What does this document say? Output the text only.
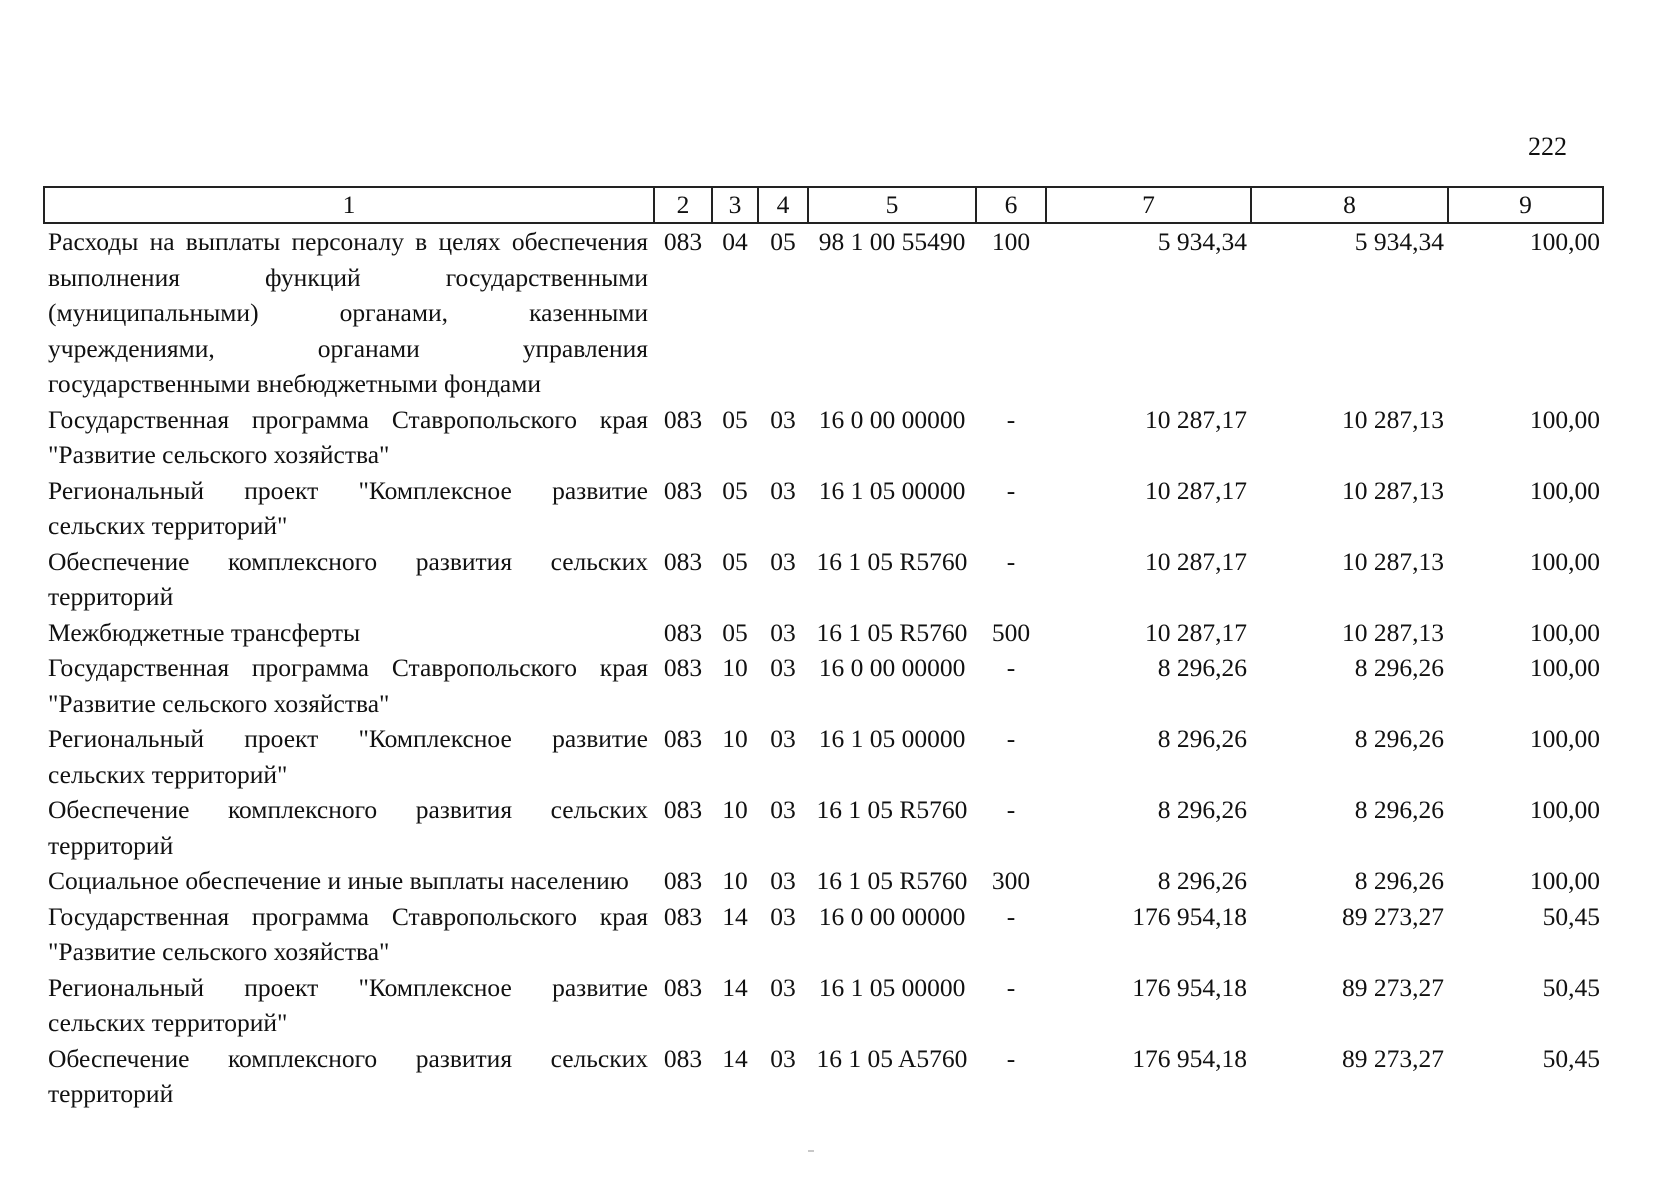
222
1	2	3	4	5	6	7	8	9
Расходы на выплаты персоналу в целях обеспечения выполнения функций государственными (муниципальными) органами, казенными учреждениями, органами управления государственными внебюджетными фондами	083	04	05	98 1 00 55490	100	5 934,34	5 934,34	100,00
Государственная программа Ставропольского края "Развитие сельского хозяйства"	083	05	03	16 0 00 00000	-	10 287,17	10 287,13	100,00
Региональный проект "Комплексное развитие сельских территорий"	083	05	03	16 1 05 00000	-	10 287,17	10 287,13	100,00
Обеспечение комплексного развития сельских территорий	083	05	03	16 1 05 R5760	-	10 287,17	10 287,13	100,00
Межбюджетные трансферты	083	05	03	16 1 05 R5760	500	10 287,17	10 287,13	100,00
Государственная программа Ставропольского края "Развитие сельского хозяйства"	083	10	03	16 0 00 00000	-	8 296,26	8 296,26	100,00
Региональный проект "Комплексное развитие сельских территорий"	083	10	03	16 1 05 00000	-	8 296,26	8 296,26	100,00
Обеспечение комплексного развития сельских территорий	083	10	03	16 1 05 R5760	-	8 296,26	8 296,26	100,00
Социальное обеспечение и иные выплаты населению	083	10	03	16 1 05 R5760	300	8 296,26	8 296,26	100,00
Государственная программа Ставропольского края "Развитие сельского хозяйства"	083	14	03	16 0 00 00000	-	176 954,18	89 273,27	50,45
Региональный проект "Комплексное развитие сельских территорий"	083	14	03	16 1 05 00000	-	176 954,18	89 273,27	50,45
Обеспечение комплексного развития сельских территорий	083	14	03	16 1 05 A5760	-	176 954,18	89 273,27	50,45
